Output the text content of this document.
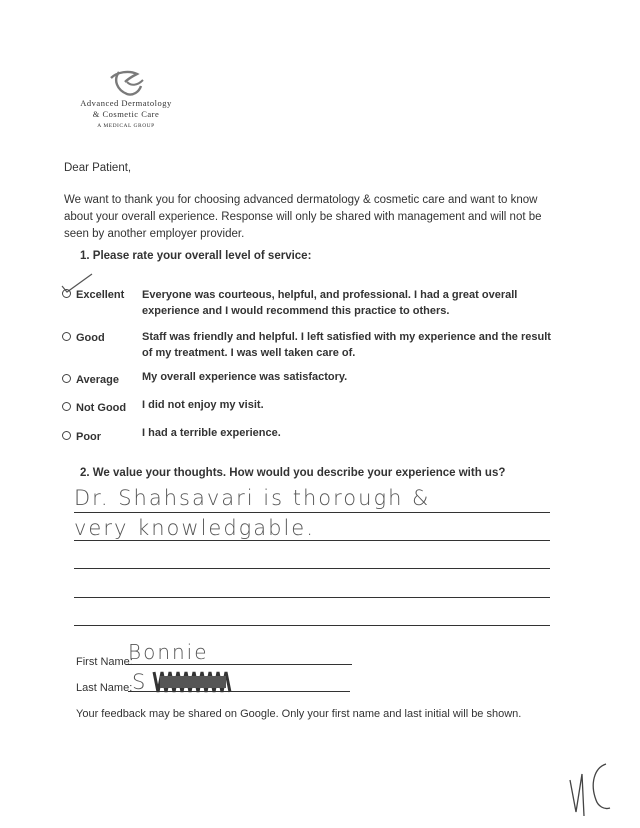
Advanced Dermatology
& Cosmetic Care
A MEDICAL GROUP
Dear Patient,
We want to thank you for choosing advanced dermatology & cosmetic care and want to know about your overall experience. Response will only be shared with management and will not be seen by another employer provider.
1. Please rate your overall level of service:
Excellent Everyone was courteous, helpful, and professional. I had a great overall experience and I would recommend this practice to others.
Good	Staff was friendly and helpful. I left satisfied with my experience and the result of my treatment. I was well taken care of.
Average My overall experience was satisfactory.
Not Good I did not enjoy my visit.
Poor	I had a terrible experience.
2. We value your thoughts. How would you describe your experience with us?
Dr. Shahsavari is thorough &
very knowledgable.
First Name:
Bonnie
Last Name: S
Your feedback may be shared on Google. Only your first name and last initial will be shown.
